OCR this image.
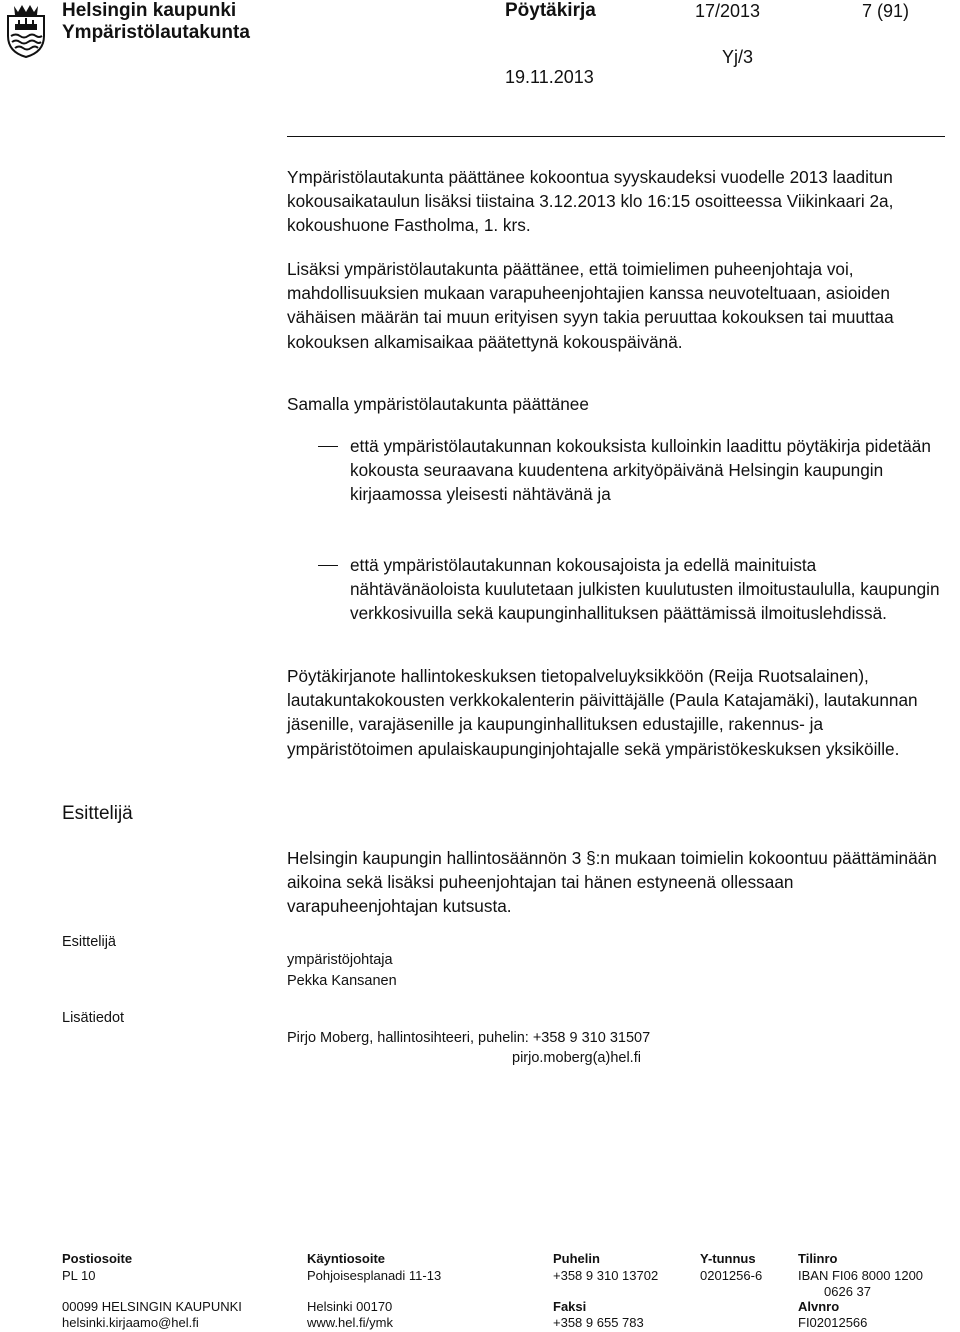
Helsingin kaupunki
Ympäristölautakunta
Pöytäkirja	17/2013	7 (91)
Yj/3
19.11.2013
Ympäristölautakunta päättänee kokoontua syyskaudeksi vuodelle 2013 laaditun kokousaikataulun lisäksi tiistaina 3.12.2013 klo 16:15 osoitteessa Viikinkaari 2a, kokoushuone Fastholma, 1. krs.
Lisäksi ympäristölautakunta päättänee, että toimielimen puheenjohtaja voi, mahdollisuuksien mukaan varapuheenjohtajien kanssa neuvoteltuaan, asioiden vähäisen määrän tai muun erityisen syyn takia peruuttaa kokouksen tai muuttaa kokouksen alkamisaikaa päätettynä kokouspäivänä.
Samalla ympäristölautakunta päättänee
että ympäristölautakunnan kokouksista kulloinkin laadittu pöytäkirja pidetään kokousta seuraavana kuudentena arkityöpäivänä Helsingin kaupungin kirjaamossa yleisesti nähtävänä ja
että ympäristölautakunnan kokousajoista ja edellä mainituista nähtävänäoloista kuulutetaan julkisten kuulutusten ilmoitustaululla, kaupungin verkkosivuilla sekä kaupunginhallituksen päättämissä ilmoituslehdissä.
Pöytäkirjanote hallintokeskuksen tietopalveluyksikköön (Reija Ruotsalainen), lautakuntakokousten verkkokalenterin päivittäjälle (Paula Katajamäki), lautakunnan jäsenille, varajäsenille ja kaupunginhallituksen edustajille, rakennus- ja ympäristötoimen apulaiskaupunginjohtajalle sekä ympäristökeskuksen yksiköille.
Esittelijä
Helsingin kaupungin hallintosäännön 3 §:n mukaan toimielin kokoontuu päättäminään aikoina sekä lisäksi puheenjohtajan tai hänen estyneenä ollessaan varapuheenjohtajan kutsusta.
Esittelijä
ympäristöjohtaja
Pekka Kansanen
Lisätiedot
Pirjo Moberg, hallintosihteeri, puhelin: +358 9 310 31507
pirjo.moberg(a)hel.fi
Postiosoite
PL 10
00099 HELSINGIN KAUPUNKI
helsinki.kirjaamo@hel.fi
Käyntiosoite
Pohjoisesplanadi 11-13
Helsinki 00170
www.hel.fi/ymk
Puhelin
+358 9 310 13702
Faksi
+358 9 655 783
Y-tunnus
0201256-6
Tilinro
IBAN FI06 8000 1200
0626 37
Alvnro
FI02012566
